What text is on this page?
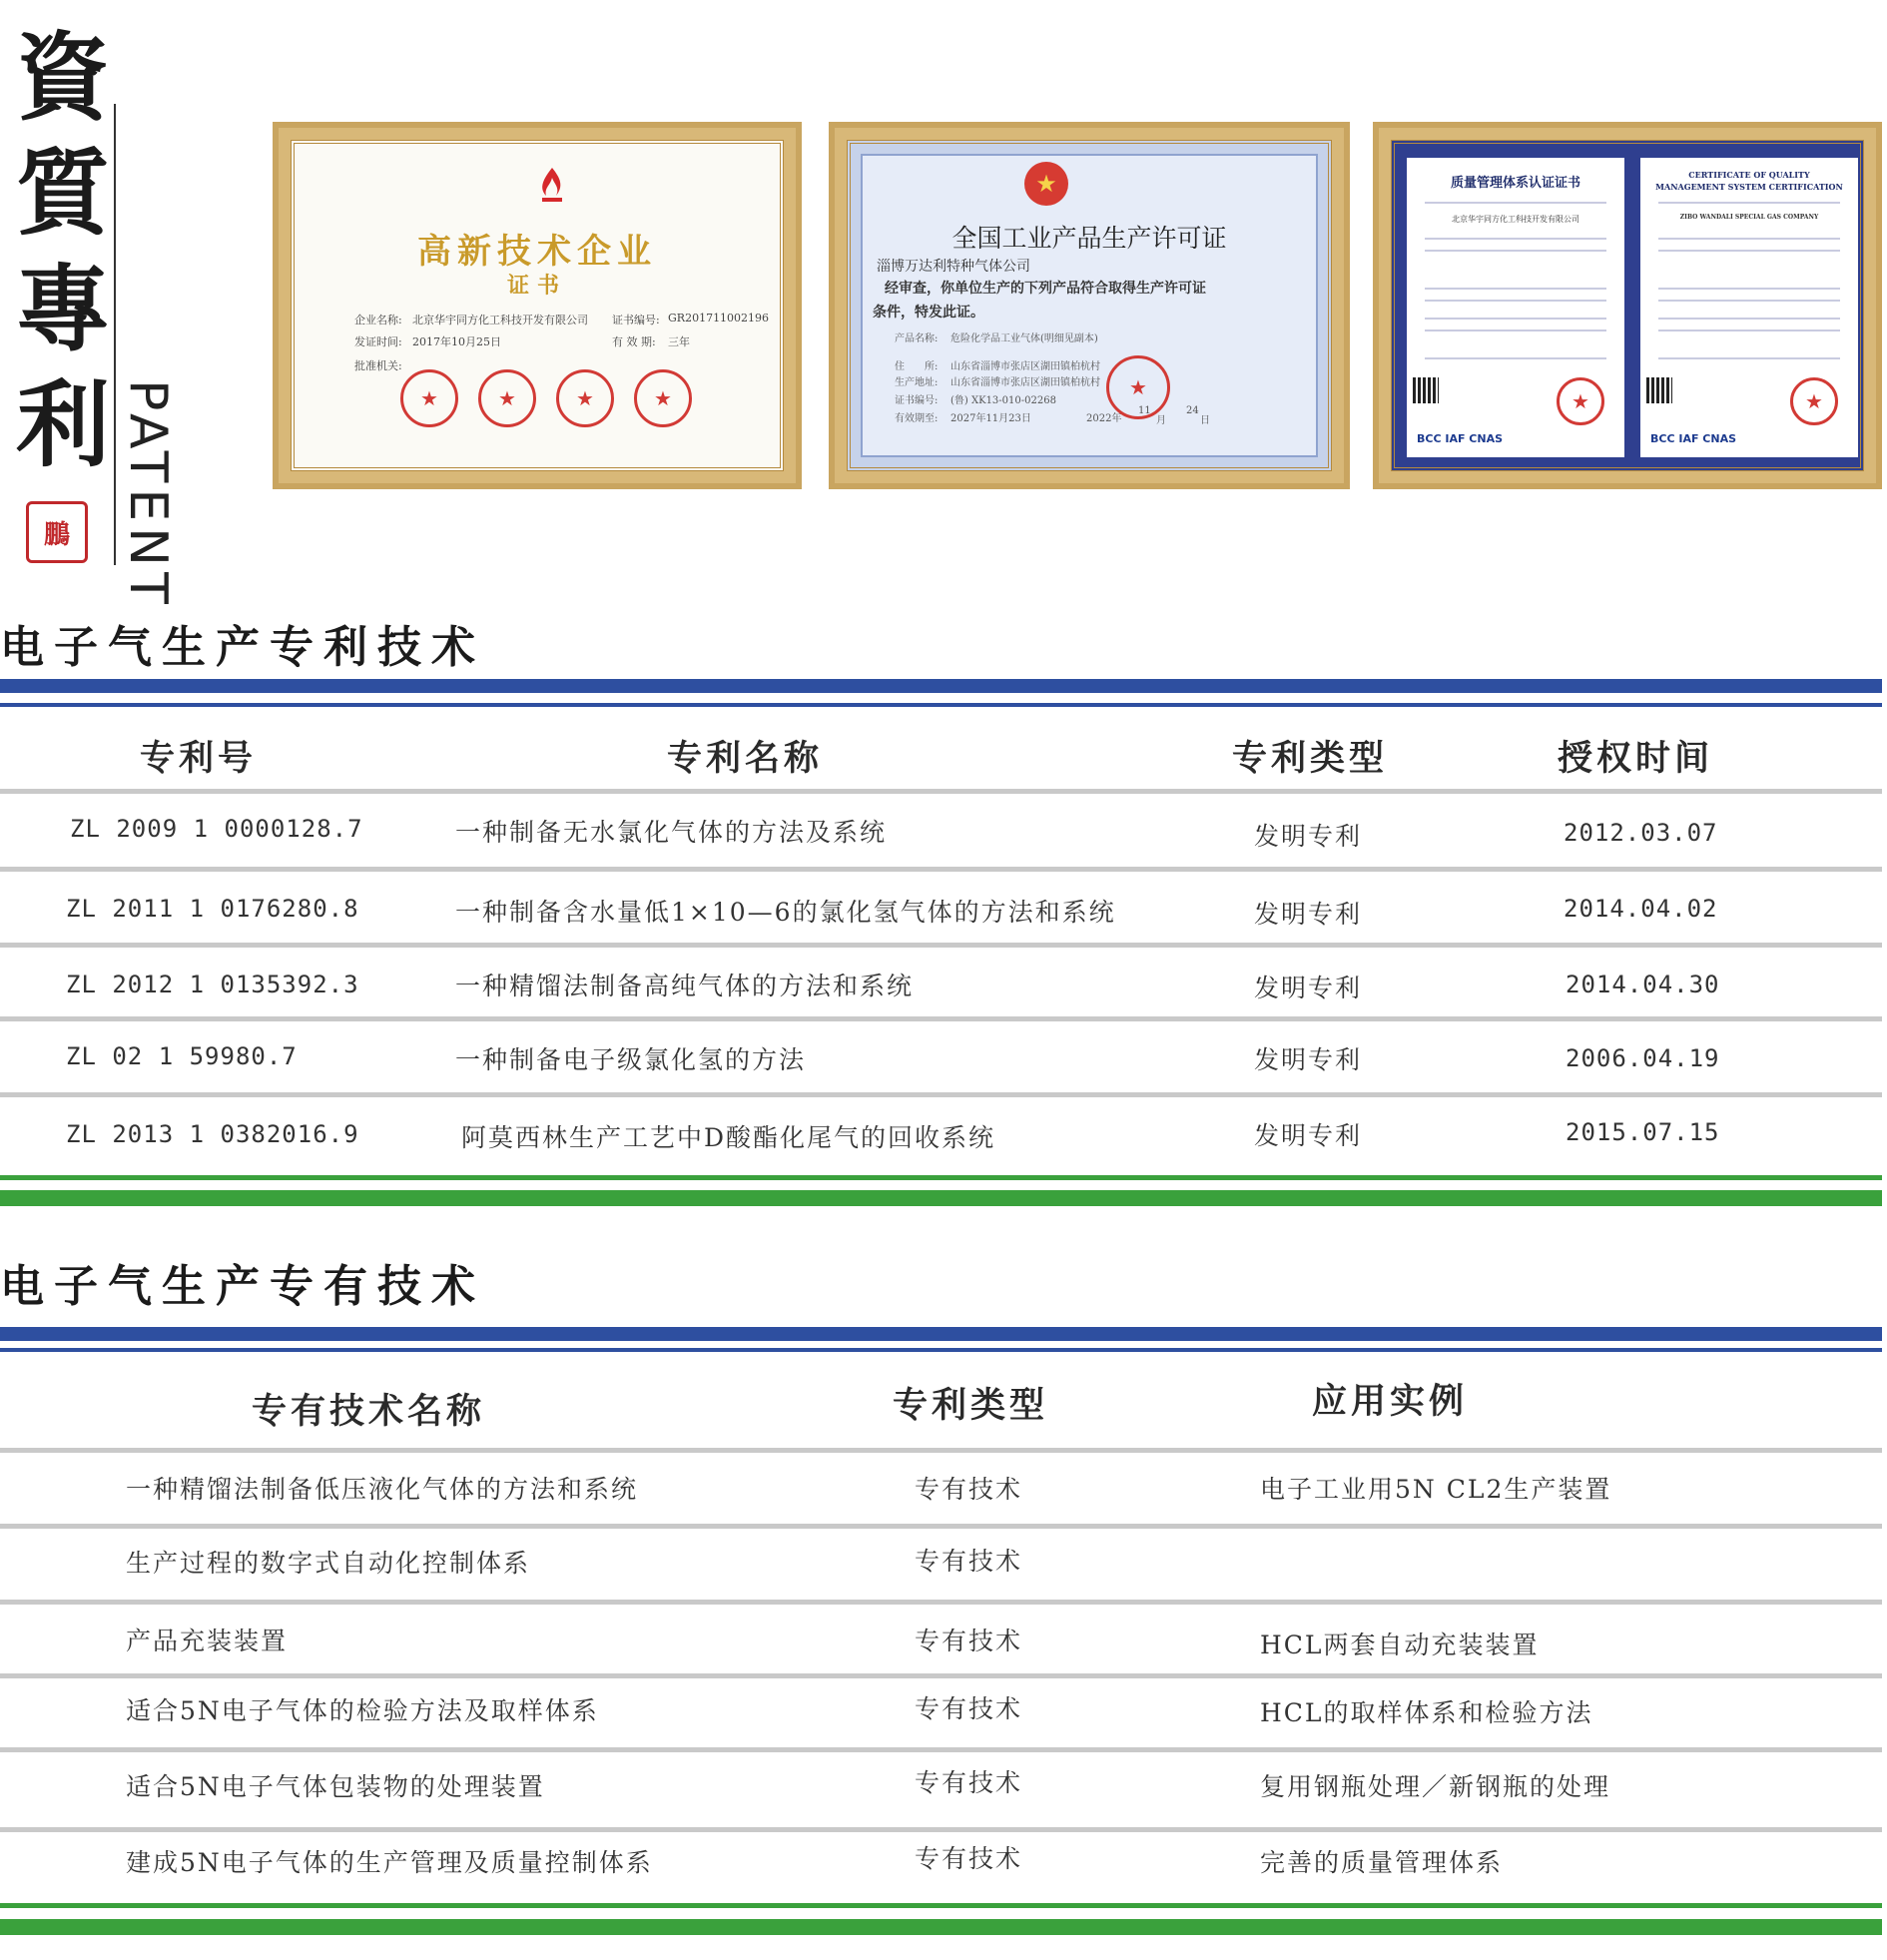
資
質
專
利
鵬 PATENT
高新技术企业
证书
企业名称: 北京华宇同方化工科技开发有限公司 证书编号: GR201711002196
发证时间: 2017年10月25日	有 效 期: 三年
批准机关:
★	★	★	★
★
全国工业产品生产许可证
淄博万达利特种气体公司
经审查，你单位生产的下列产品符合取得生产许可证
条件，特发此证。
产品名称: 危险化学品工业气体(明细见副本)
住　　所: 山东省淄博市张店区湖田镇柏杭村
生产地址: 山东省淄博市张店区湖田镇柏杭村
证书编号: (鲁) XK13-010-02268
有效期至: 2027年11月23日	2022年
11
月
24
日
★
质量管理体系认证证书
北京华宇同方化工科技开发有限公司
★
BCC IAF CNAS
CERTIFICATE OF QUALITY
MANAGEMENT SYSTEM CERTIFICATION
ZIBO WANDALI SPECIAL GAS COMPANY
★
BCC IAF CNAS
电子气生产专利技术
专利号	专利名称	专利类型	授权时间
ZL 2009 1 0000128.7	一种制备无水氯化气体的方法及系统	发明专利	2012.03.07
ZL 2011 1 0176280.8	一种制备含水量低1×10—6的氯化氢气体的方法和系统	发明专利	2014.04.02
ZL 2012 1 0135392.3	一种精馏法制备高纯气体的方法和系统	发明专利	2014.04.30
ZL 02 1 59980.7	一种制备电子级氯化氢的方法	发明专利	2006.04.19
ZL 2013 1 0382016.9	阿莫西林生产工艺中D酸酯化尾气的回收系统	发明专利	2015.07.15
电子气生产专有技术
专有技术名称	专利类型	应用实例
一种精馏法制备低压液化气体的方法和系统	专有技术	电子工业用5N CL2生产装置
生产过程的数字式自动化控制体系	专有技术
产品充装装置	专有技术	HCL两套自动充装装置
适合5N电子气体的检验方法及取样体系	专有技术	HCL的取样体系和检验方法
适合5N电子气体包装物的处理装置	专有技术	复用钢瓶处理／新钢瓶的处理
建成5N电子气体的生产管理及质量控制体系	专有技术	完善的质量管理体系
